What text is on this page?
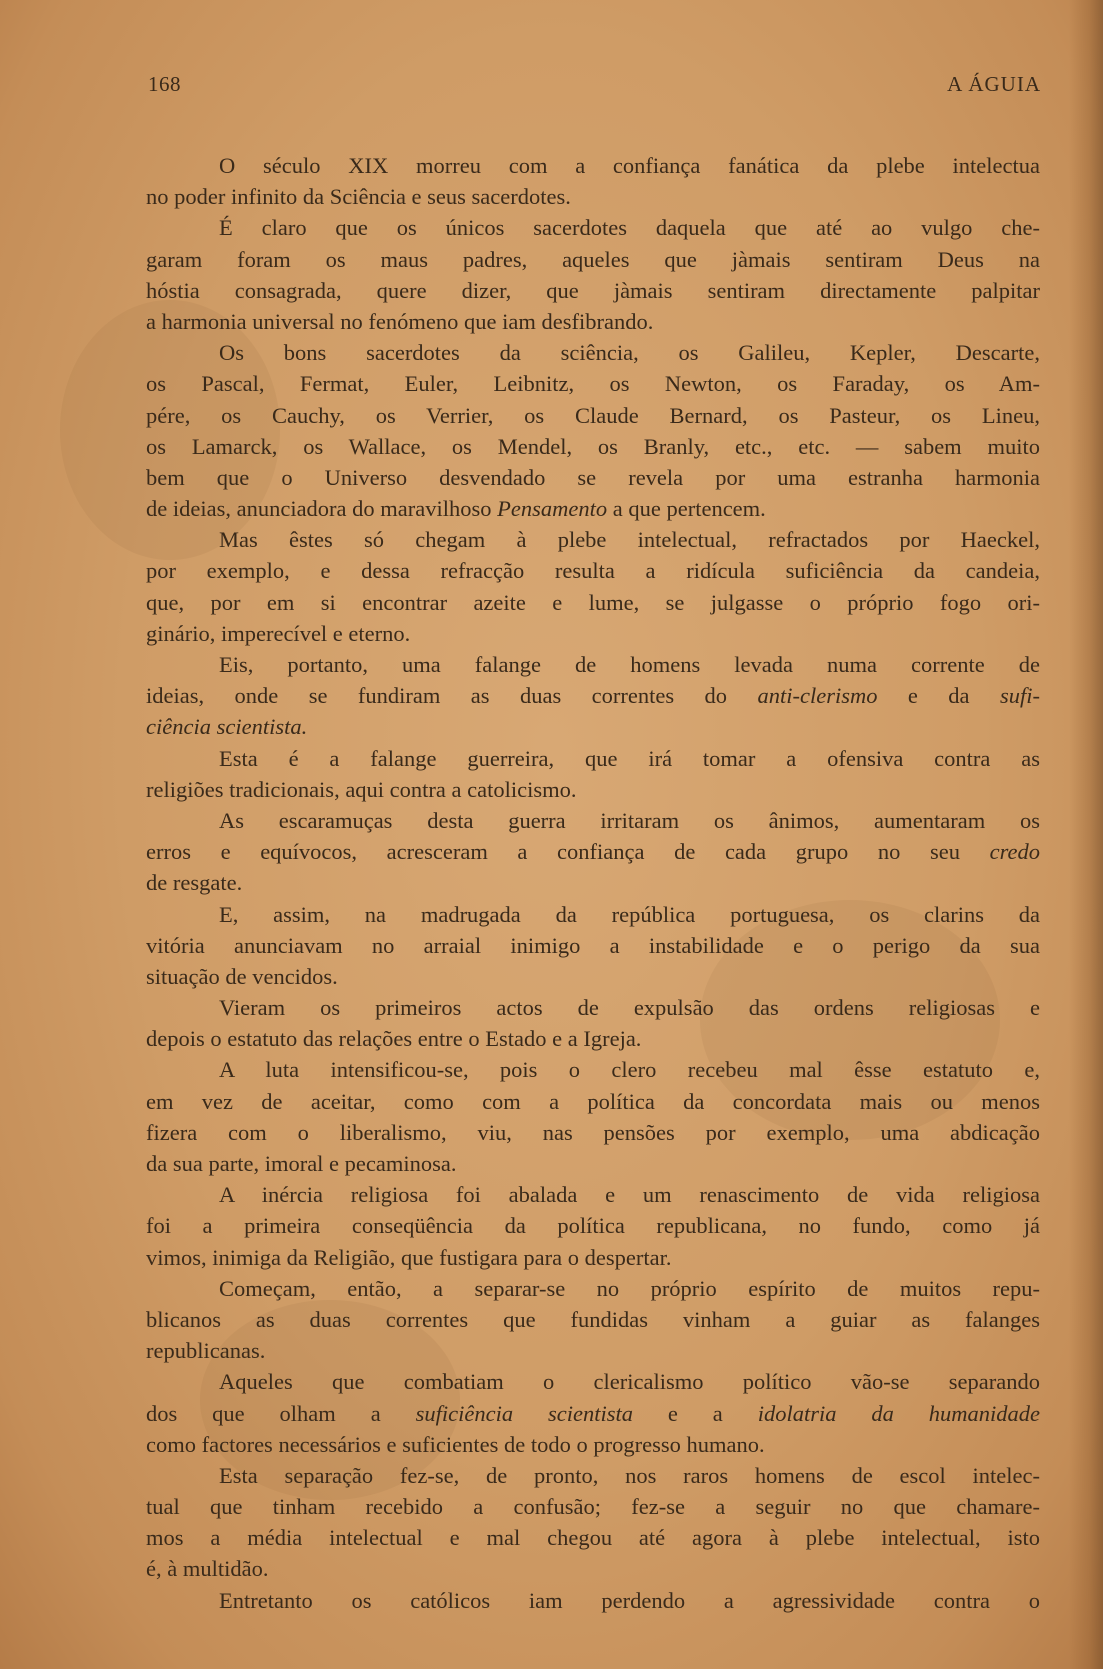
168	A ÁGUIA
O século XIX morreu com a confiança fanática da plebe intelectua
no poder infinito da Sciência e seus sacerdotes.
É claro que os únicos sacerdotes daquela que até ao vulgo che-
garam foram os maus padres, aqueles que jàmais sentiram Deus na
hóstia consagrada, quere dizer, que jàmais sentiram directamente palpitar
a harmonia universal no fenómeno que iam desfibrando.
Os bons sacerdotes da sciência, os Galileu, Kepler, Descarte,
os Pascal, Fermat, Euler, Leibnitz, os Newton, os Faraday, os Am-
pére, os Cauchy, os Verrier, os Claude Bernard, os Pasteur, os Lineu,
os Lamarck, os Wallace, os Mendel, os Branly, etc., etc. — sabem muito
bem que o Universo desvendado se revela por uma estranha harmonia
de ideias, anunciadora do maravilhoso Pensamento a que pertencem.
Mas êstes só chegam à plebe intelectual, refractados por Haeckel,
por exemplo, e dessa refracção resulta a ridícula suficiência da candeia,
que, por em si encontrar azeite e lume, se julgasse o próprio fogo ori-
ginário, imperecível e eterno.
Eis, portanto, uma falange de homens levada numa corrente de
ideias, onde se fundiram as duas correntes do anti-clerismo e da sufi-
ciência scientista.
Esta é a falange guerreira, que irá tomar a ofensiva contra as
religiões tradicionais, aqui contra a catolicismo.
As escaramuças desta guerra irritaram os ânimos, aumentaram os
erros e equívocos, acresceram a confiança de cada grupo no seu credo
de resgate.
E, assim, na madrugada da república portuguesa, os clarins da
vitória anunciavam no arraial inimigo a instabilidade e o perigo da sua
situação de vencidos.
Vieram os primeiros actos de expulsão das ordens religiosas e
depois o estatuto das relações entre o Estado e a Igreja.
A luta intensificou-se, pois o clero recebeu mal êsse estatuto e,
em vez de aceitar, como com a política da concordata mais ou menos
fizera com o liberalismo, viu, nas pensões por exemplo, uma abdicação
da sua parte, imoral e pecaminosa.
A inércia religiosa foi abalada e um renascimento de vida religiosa
foi a primeira conseqüência da política republicana, no fundo, como já
vimos, inimiga da Religião, que fustigara para o despertar.
Começam, então, a separar-se no próprio espírito de muitos repu-
blicanos as duas correntes que fundidas vinham a guiar as falanges
republicanas.
Aqueles que combatiam o clericalismo político vão-se separando
dos que olham a suficiência scientista e a idolatria da humanidade
como factores necessários e suficientes de todo o progresso humano.
Esta separação fez-se, de pronto, nos raros homens de escol intelec-
tual que tinham recebido a confusão; fez-se a seguir no que chamare-
mos a média intelectual e mal chegou até agora à plebe intelectual, isto
é, à multidão.
Entretanto os católicos iam perdendo a agressividade contra o
